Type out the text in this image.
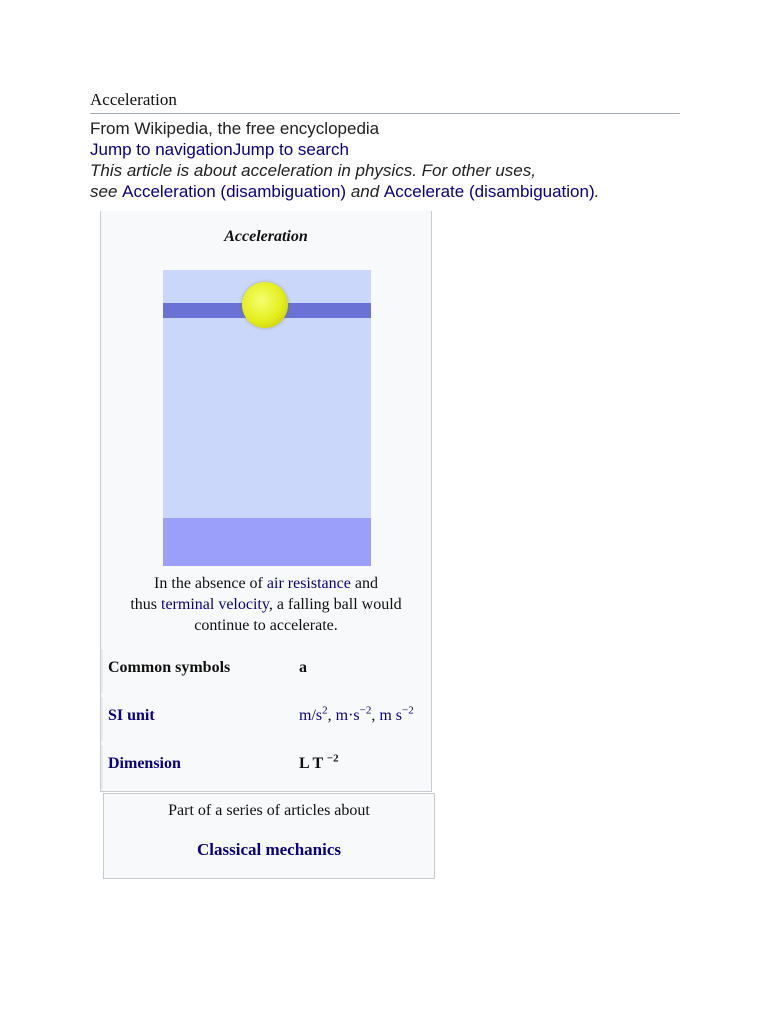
Acceleration
From Wikipedia, the free encyclopedia
Jump to navigationJump to search
This article is about acceleration in physics. For other uses,
see Acceleration (disambiguation) and Accelerate (disambiguation).
Acceleration
In the absence of air resistance and
thus terminal velocity, a falling ball would
continue to accelerate.
Common symbols	a
SI unit	$m/s^2$, $m\cdot s^{-2}$, m $s^{-2}$
Dimension	L T $^{-2}$
Part of a series of articles about
Classical mechanics
